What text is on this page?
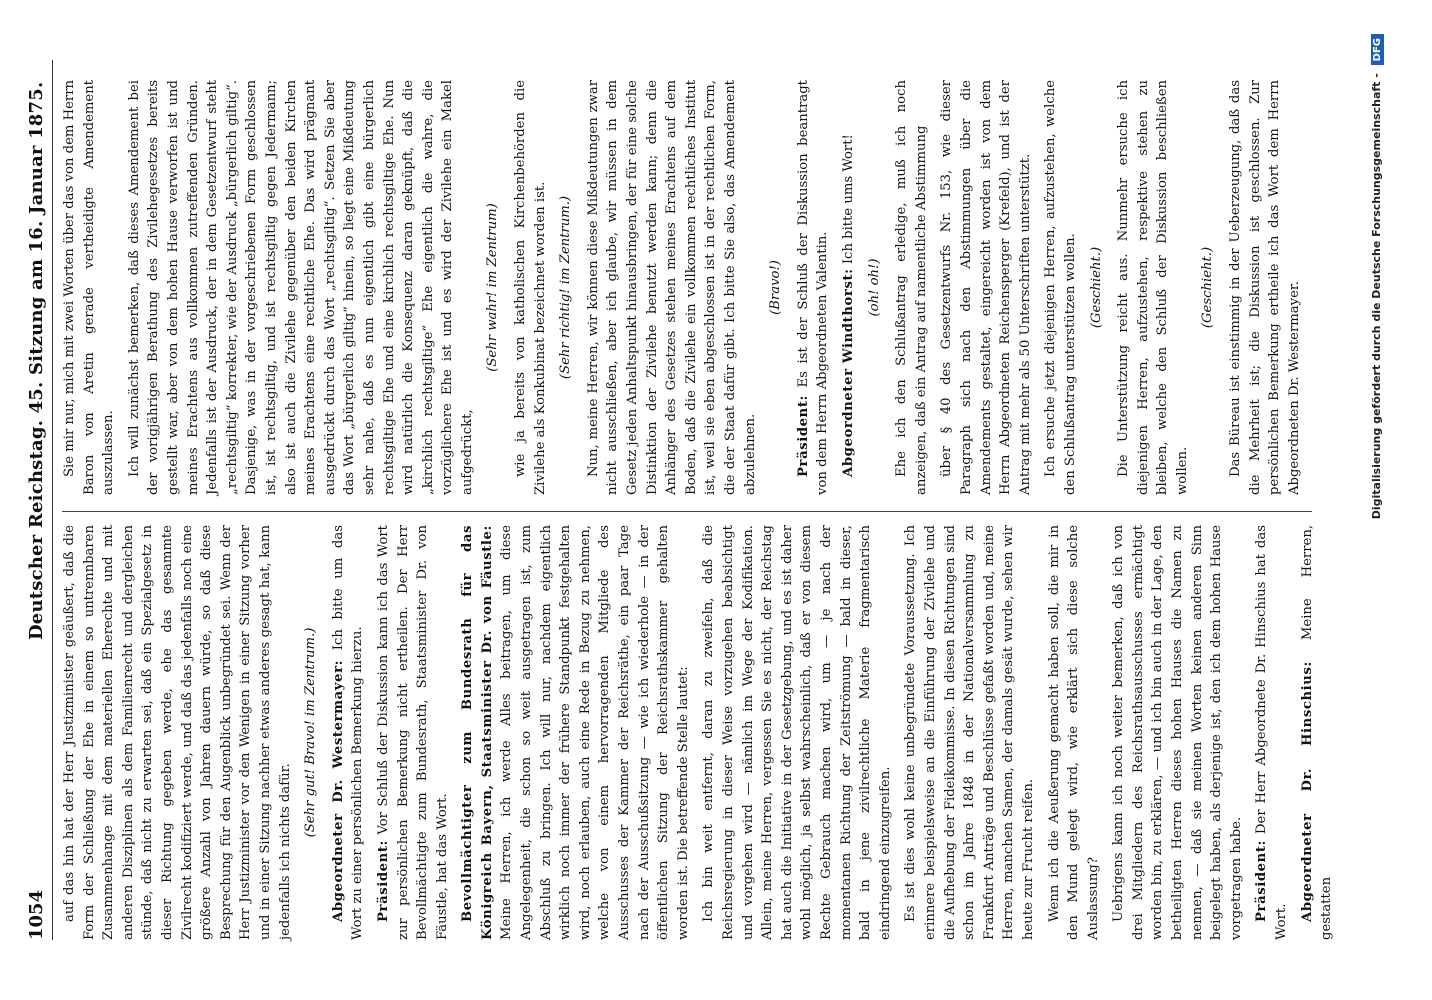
1054
Deutscher Reichstag. 45. Sitzung am 16. Januar 1875.

auf das hin hat der Herr Justizminister geäußert, daß die Form der Schließung der Ehe in einem so untrennbaren Zusammenhange mit dem materiellen Eherechte und mit anderen Disziplinen als dem Familienrecht und dergleichen stünde, daß nicht zu erwarten sei, daß ein Spezialgesetz in dieser Richtung gegeben werde, ehe das gesammte Zivilrecht kodifiziert werde, und daß das jedenfalls noch eine größere Anzahl von Jahren dauern würde, so daß diese Besprechung für den Augenblick unbegründet sei. Wenn der Herr Justizminister vor den Wenigen in einer Sitzung vorher und in einer Sitzung nachher etwas anderes gesagt hat, kann jedenfalls ich nichts dafür.

(Sehr gut! Bravo! im Zentrum.) Abgeordneter Dr. Westermayer: Ich bitte um das Wort zu einer persönlichen Bemerkung hierzu. Präsident: Vor Schluß der Diskussion kann ich das Wort zur persönlichen Bemerkung nicht ertheilen. Der Herr Bevollmächtigte zum Bundesrath, Staatsminister Dr. von Fäustle, hat das Wort. Bevollmächtigter zum Bundesrath für das Königreich Bayern, Staatsminister Dr. von Fäustle: Meine Herren, ich werde Alles beitragen, um diese Angelegenheit, die schon so weit ausgetragen ist, zum Abschluß zu bringen. Ich will nur, nachdem eigentlich wirklich noch immer der frühere Standpunkt festgehalten wird, noch erlauben, auch eine Rede in Bezug zu nehmen, welche von einem hervorragenden Mitgliede des Ausschusses der Kammer der Reichsräthe, ein paar Tage nach der Ausschußsitzung — wie ich wiederhole — in der öffentlichen Sitzung der Reichsrathskammer gehalten worden ist. Die betreffende Stelle lautet: Ich bin weit entfernt, daran zu zweifeln, daß die Reichsregierung in dieser Weise vorzugehen beabsichtigt und vorgehen wird — nämlich im Wege der Kodifikation. Allein, meine Herren, vergessen Sie es nicht, der Reichstag hat auch die Initiative in der Gesetzgebung, und es ist daher wohl möglich, ja selbst wahrscheinlich, daß er von diesem Rechte Gebrauch machen wird, um — je nach der momentanen Richtung der Zeitströmung — bald in dieser, bald in jene zivilrechtliche Materie fragmentarisch eindringend einzugreifen. Es ist dies wohl keine unbegründete Voraussetzung. Ich erinnere beispielsweise an die Einführung der Zivilehe und die Aufhebung der Fideikommisse. In diesen Richtungen sind schon im Jahre 1848 in der Nationalversammlung zu Frankfurt Anträge und Beschlüsse gefaßt worden und, meine Herren, manchen Samen, der damals gesät wurde, sehen wir heute zur Frucht reifen. Wenn ich die Aeußerung gemacht haben soll, die mir in den Mund gelegt wird, wie erklärt sich diese solche Auslassung? Uebrigens kann ich noch weiter bemerken, daß ich von drei Mitgliedern des Reichsrathsausschusses ermächtigt worden bin, zu erklären, — und ich bin auch in der Lage, den betheiligten Herren dieses hohen Hauses die Namen zu nennen, — daß sie meinen Worten keinen anderen Sinn beigelegt haben, als derjenige ist, den ich dem hohen Hause vorgetragen habe. Präsident: Der Herr Abgeordnete Dr. Hinschius hat das Wort. Abgeordneter Dr. Hinschius: Meine Herren, gestatten

Sie mir nur, mich mit zwei Worten über das von dem Herrn Baron von Aretin gerade vertheidigte Amendement auszulassen. Ich will zunächst bemerken, daß dieses Amendement bei der vorigjährigen Berathung des Zivilehegesetzes bereits gestellt war, aber von dem hohen Hause verworfen ist und meines Erachtens aus vollkommen zutreffenden Gründen. Jedenfalls ist der Ausdruck, der in dem Gesetzentwurf steht „rechtsgiltig“ korrekter, wie der Ausdruck „bürgerlich giltig“. Dasjenige, was in der vorgeschriebenen Form geschlossen ist, ist rechtsgiltig, und ist rechtsgiltig gegen Jedermann; also ist auch die Zivilehe gegenüber den beiden Kirchen meines Erachtens eine rechtliche Ehe. Das wird prägnant ausgedrückt durch das Wort „rechtsgiltig“. Setzen Sie aber das Wort „bürgerlich giltig“ hinein, so liegt eine Mißdeutung sehr nahe, daß es nun eigentlich gibt eine bürgerlich rechtsgiltige Ehe und eine kirchlich rechtsgiltige Ehe. Nun wird natürlich die Konsequenz daran geknüpft, daß die „kirchlich rechtsgiltige“ Ehe eigentlich die wahre, die vorzüglichere Ehe ist und es wird der Zivilehe ein Makel aufgedrückt,

(Sehr wahr! im Zentrum) wie ja bereits von katholischen Kirchenbehörden die Zivilehe als Konkubinat bezeichnet worden ist. (Sehr richtig! im Zentrum.) Nun, meine Herren, wir können diese Mißdeutungen zwar nicht ausschließen, aber ich glaube, wir müssen in dem Gesetz jeden Anhaltspunkt hinausbringen, der für eine solche Distinktion der Zivilehe benutzt werden kann; denn die Anhänger des Gesetzes stehen meines Erachtens auf dem Boden, daß die Zivilehe ein vollkommen rechtliches Institut ist, weil sie eben abgeschlossen ist in der rechtlichen Form, die der Staat dafür gibt. Ich bitte Sie also, das Amendement abzulehnen.

(Bravo!)

Präsident: Es ist der Schluß der Diskussion beantragt von dem Herrn Abgeordneten Valentin. Abgeordneter Windthorst: Ich bitte ums Wort!

(oh! oh!) Ehe ich den Schlußantrag erledige, muß ich noch anzeigen, daß ein Antrag auf namentliche Abstimmung über § 40 des Gesetzentwurfs Nr. 153, wie dieser Paragraph sich nach den Abstimmungen über die Amendements gestaltet, eingereicht worden ist von dem Herrn Abgeordneten Reichensperger (Krefeld), und ist der Antrag mit mehr als 50 Unterschriften unterstützt. Ich ersuche jetzt diejenigen Herren, aufzustehen, welche den Schlußantrag unterstützen wollen. (Geschieht.) Die Unterstützung reicht aus. Nunmehr ersuche ich diejenigen Herren, aufzustehen, respektive stehen zu bleiben, welche den Schluß der Diskussion beschließen wollen.

(Geschieht.) Das Büreau ist einstimmig in der Ueberzeugung, daß das die Mehrheit ist; die Diskussion ist geschlossen. Zur persönlichen Bemerkung ertheile ich das Wort dem Herrn Abgeordneten Dr. Westermayer.	Digitalisierung gefördert durch die Deutsche Forschungsgemeinschaft - DFG
